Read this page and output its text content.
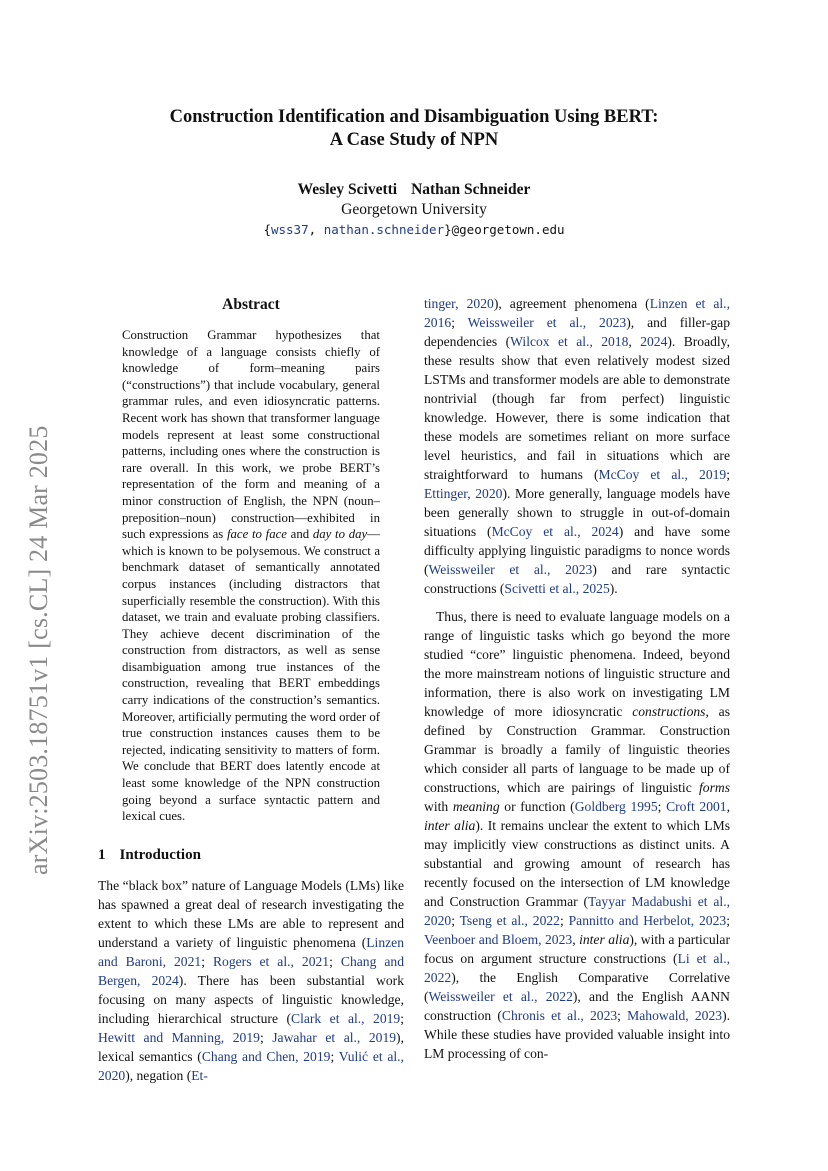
Construction Identification and Disambiguation Using BERT:
A Case Study of NPN
Wesley Scivetti Nathan Schneider
Georgetown University
{wss37, nathan.schneider}@georgetown.edu
arXiv:2503.18751v1 [cs.CL] 24 Mar 2025
Abstract

Construction Grammar hypothesizes that knowledge of a language consists chiefly of knowledge of form–meaning pairs (“constructions”) that include vocabulary, general grammar rules, and even idiosyncratic patterns. Recent work has shown that transformer language models represent at least some constructional patterns, including ones where the construction is rare overall. In this work, we probe BERT’s representation of the form and meaning of a minor construction of English, the NPN (noun–preposition–noun) construction—exhibited in such expressions as face to face and day to day—which is known to be polysemous. We construct a benchmark dataset of semantically annotated corpus instances (including distractors that superficially resemble the construction). With this dataset, we train and evaluate probing classifiers. They achieve decent discrimination of the construction from distractors, as well as sense disambiguation among true instances of the construction, revealing that BERT embeddings carry indications of the construction’s semantics. Moreover, artificially permuting the word order of true construction instances causes them to be rejected, indicating sensitivity to matters of form. We conclude that BERT does latently encode at least some knowledge of the NPN construction going beyond a surface syntactic pattern and lexical cues.

1 Introduction

The “black box” nature of Language Models (LMs) like has spawned a great deal of research investigating the extent to which these LMs are able to represent and understand a variety of linguistic phenomena (Linzen and Baroni, 2021; Rogers et al., 2021; Chang and Bergen, 2024). There has been substantial work focusing on many aspects of linguistic knowledge, including hierarchical structure (Clark et al., 2019; Hewitt and Manning, 2019; Jawahar et al., 2019), lexical semantics (Chang and Chen, 2019; Vulić et al., 2020), negation (Et-

tinger, 2020), agreement phenomena (Linzen et al., 2016; Weissweiler et al., 2023), and filler-gap dependencies (Wilcox et al., 2018, 2024). Broadly, these results show that even relatively modest sized LSTMs and transformer models are able to demonstrate nontrivial (though far from perfect) linguistic knowledge. However, there is some indication that these models are sometimes reliant on more surface level heuristics, and fail in situations which are straightforward to humans (McCoy et al., 2019; Ettinger, 2020). More generally, language models have been generally shown to struggle in out-of-domain situations (McCoy et al., 2024) and have some difficulty applying linguistic paradigms to nonce words (Weissweiler et al., 2023) and rare syntactic constructions (Scivetti et al., 2025).

Thus, there is need to evaluate language models on a range of linguistic tasks which go beyond the more studied “core” linguistic phenomena. Indeed, beyond the more mainstream notions of linguistic structure and information, there is also work on investigating LM knowledge of more idiosyncratic constructions, as defined by Construction Grammar. Construction Grammar is broadly a family of linguistic theories which consider all parts of language to be made up of constructions, which are pairings of linguistic forms with meaning or function (Goldberg 1995; Croft 2001, inter alia). It remains unclear the extent to which LMs may implicitly view constructions as distinct units. A substantial and growing amount of research has recently focused on the intersection of LM knowledge and Construction Grammar (Tayyar Madabushi et al., 2020; Tseng et al., 2022; Pannitto and Herbelot, 2023; Veenboer and Bloem, 2023, inter alia), with a particular focus on argument structure constructions (Li et al., 2022), the English Comparative Correlative (Weissweiler et al., 2022), and the English AANN construction (Chronis et al., 2023; Mahowald, 2023). While these studies have provided valuable insight into LM processing of con-
